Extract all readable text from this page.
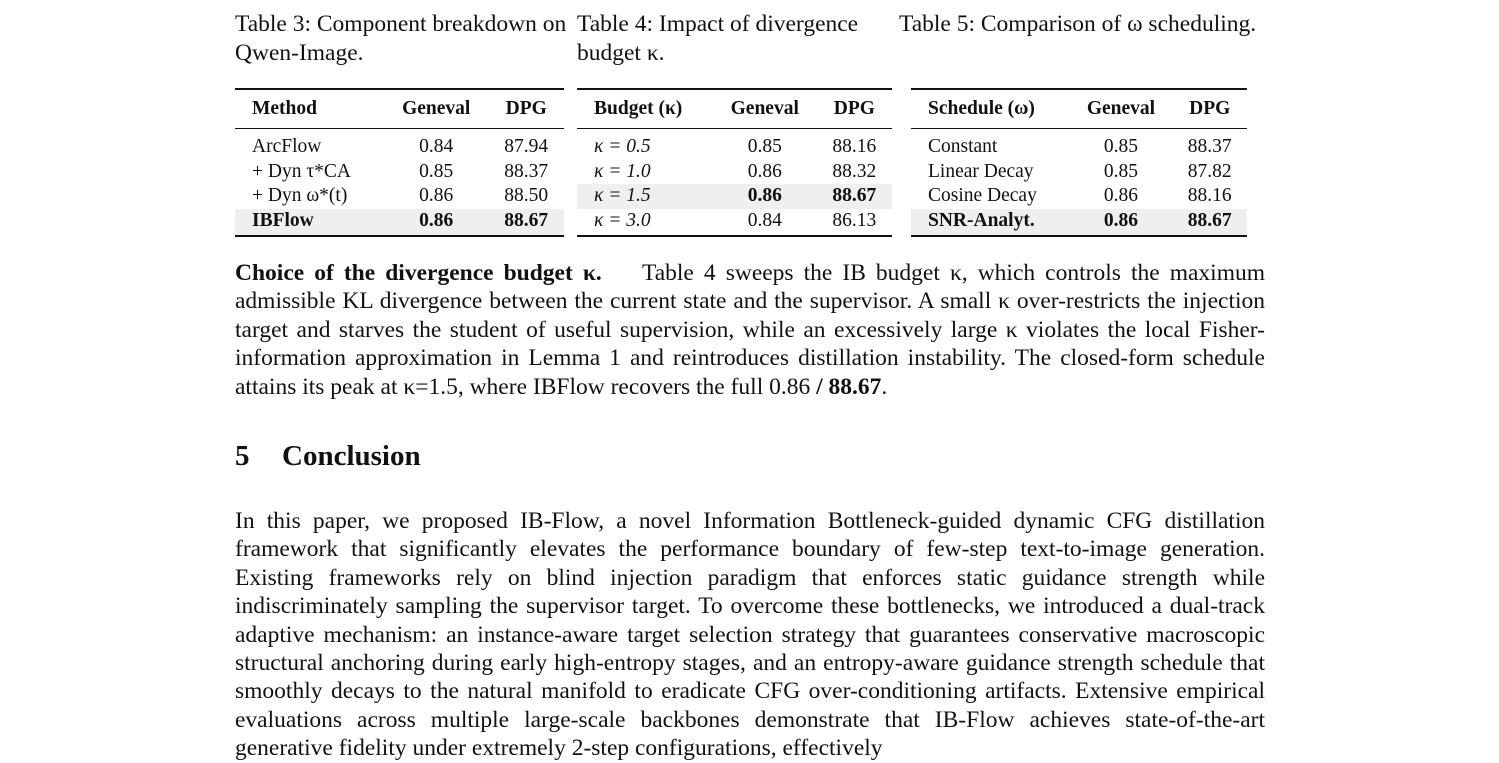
Table 3: Component breakdown on Qwen-Image.

Method	Geneval	DPG
ArcFlow	0.84	87.94
+ Dyn τ*CA	0.85	88.37
+ Dyn ω*(t)	0.86	88.50
IBFlow	0.86	88.67

Table 4: Impact of divergence budget κ.

Budget (κ)	Geneval	DPG
κ = 0.5	0.85	88.16
κ = 1.0	0.86	88.32
κ = 1.5	0.86	88.67
κ = 3.0	0.84	86.13

Table 5: Comparison of ω scheduling.

Schedule (ω)	Geneval	DPG
Constant	0.85	88.37
Linear Decay	0.85	87.82
Cosine Decay	0.86	88.16
SNR-Analyt.	0.86	88.67

Choice of the divergence budget κ. Table 4 sweeps the IB budget κ, which controls the maximum admissible KL divergence between the current state and the supervisor. A small κ over-restricts the injection target and starves the student of useful supervision, while an excessively large κ violates the local Fisher-information approximation in Lemma 1 and reintroduces distillation instability. The closed-form schedule attains its peak at κ=1.5, where IBFlow recovers the full 0.86 / 88.67.

5 Conclusion

In this paper, we proposed IB-Flow, a novel Information Bottleneck-guided dynamic CFG distillation framework that significantly elevates the performance boundary of few-step text-to-image generation. Existing frameworks rely on blind injection paradigm that enforces static guidance strength while indiscriminately sampling the supervisor target. To overcome these bottlenecks, we introduced a dual-track adaptive mechanism: an instance-aware target selection strategy that guarantees conservative macroscopic structural anchoring during early high-entropy stages, and an entropy-aware guidance strength schedule that smoothly decays to the natural manifold to eradicate CFG over-conditioning artifacts. Extensive empirical evaluations across multiple large-scale backbones demonstrate that IB-Flow achieves state-of-the-art generative fidelity under extremely 2-step configurations, effectively
